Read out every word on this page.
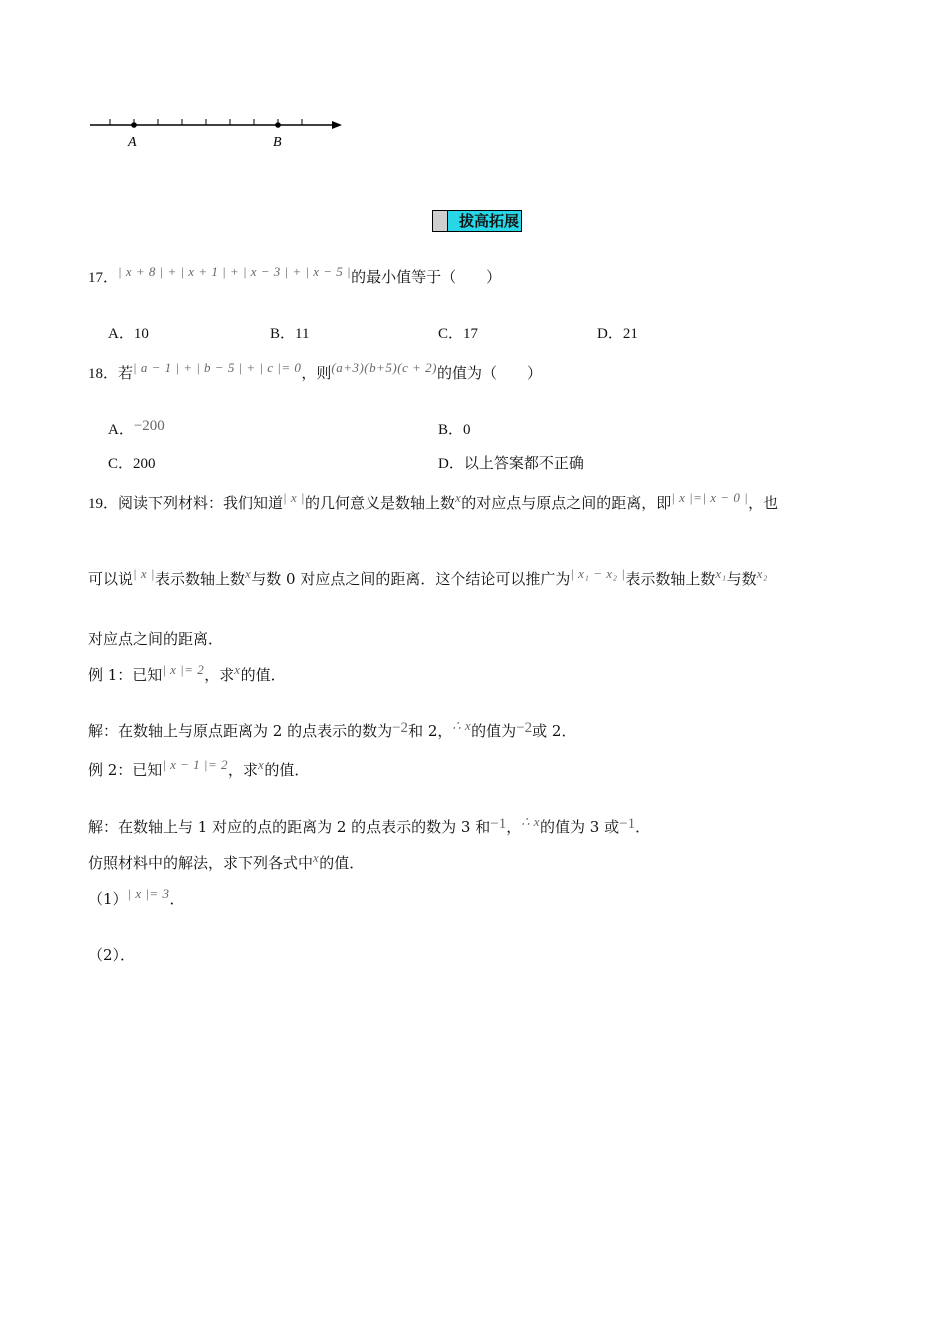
A	B
拔高拓展
17．| x + 8 | + | x + 1 | + | x − 3 | + | x − 5 |的最小值等于（　　）
A．10	B．11	C．17	D．21
18．若| a − 1 | + | b − 5 | + | c |= 0，则(a+3)(b+5)(c + 2)的值为（　　）
A．−200	B．0
C．200	D．以上答案都不正确
19．阅读下列材料：我们知道| x |的几何意义是数轴上数x的对应点与原点之间的距离，即| x |=| x − 0 |，也
可以说| x |表示数轴上数x与数 0 对应点之间的距离．这个结论可以推广为| x₁ − x₂ |表示数轴上数x₁与数x₂
对应点之间的距离．
例 1：已知| x |= 2，求x的值．
解：在数轴上与原点距离为 2 的点表示的数为−2和 2，∴ x的值为−2或 2．
例 2：已知| x − 1 |= 2，求x的值．
解：在数轴上与 1 对应的点的距离为 2 的点表示的数为 3 和−1，∴ x的值为 3 或−1．
仿照材料中的解法，求下列各式中x的值．
（1）| x |= 3．
（2）．
